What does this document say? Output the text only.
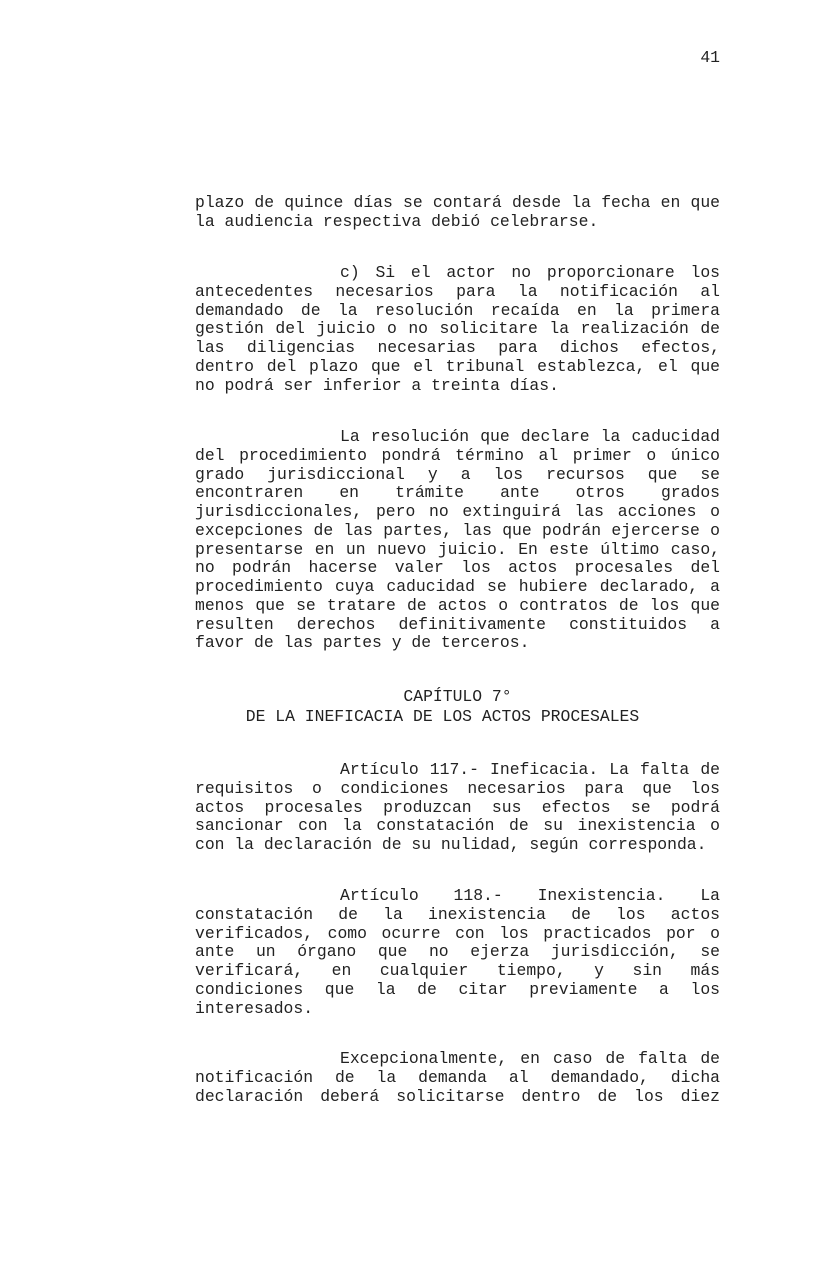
41
plazo de quince días se contará desde la fecha en que
la audiencia respectiva debió celebrarse.
c) Si el actor no proporcionare los
antecedentes necesarios para la notificación al
demandado de la resolución recaída en la primera
gestión del juicio o no solicitare la realización de
las diligencias necesarias para dichos efectos,
dentro del plazo que el tribunal establezca, el que
no podrá ser inferior a treinta días.
La resolución que declare la caducidad
del procedimiento pondrá término al primer o único
grado jurisdiccional y a los recursos que se
encontraren en trámite ante otros grados
jurisdiccionales, pero no extinguirá las acciones o
excepciones de las partes, las que podrán ejercerse o
presentarse en un nuevo juicio. En este último caso,
no podrán hacerse valer los actos procesales del
procedimiento cuya caducidad se hubiere declarado, a
menos que se tratare de actos o contratos de los que
resulten derechos definitivamente constituidos a
favor de las partes y de terceros.
CAPÍTULO 7°
DE LA INEFICACIA DE LOS ACTOS PROCESALES
Artículo 117.- Ineficacia. La falta de
requisitos o condiciones necesarios para que los
actos procesales produzcan sus efectos se podrá
sancionar con la constatación de su inexistencia o
con la declaración de su nulidad, según corresponda.
Artículo 118.- Inexistencia. La
constatación de la inexistencia de los actos
verificados, como ocurre con los practicados por o
ante un órgano que no ejerza jurisdicción, se
verificará, en cualquier tiempo, y sin más
condiciones que la de citar previamente a los
interesados.
Excepcionalmente, en caso de falta de
notificación de la demanda al demandado, dicha
declaración deberá solicitarse dentro de los diez
